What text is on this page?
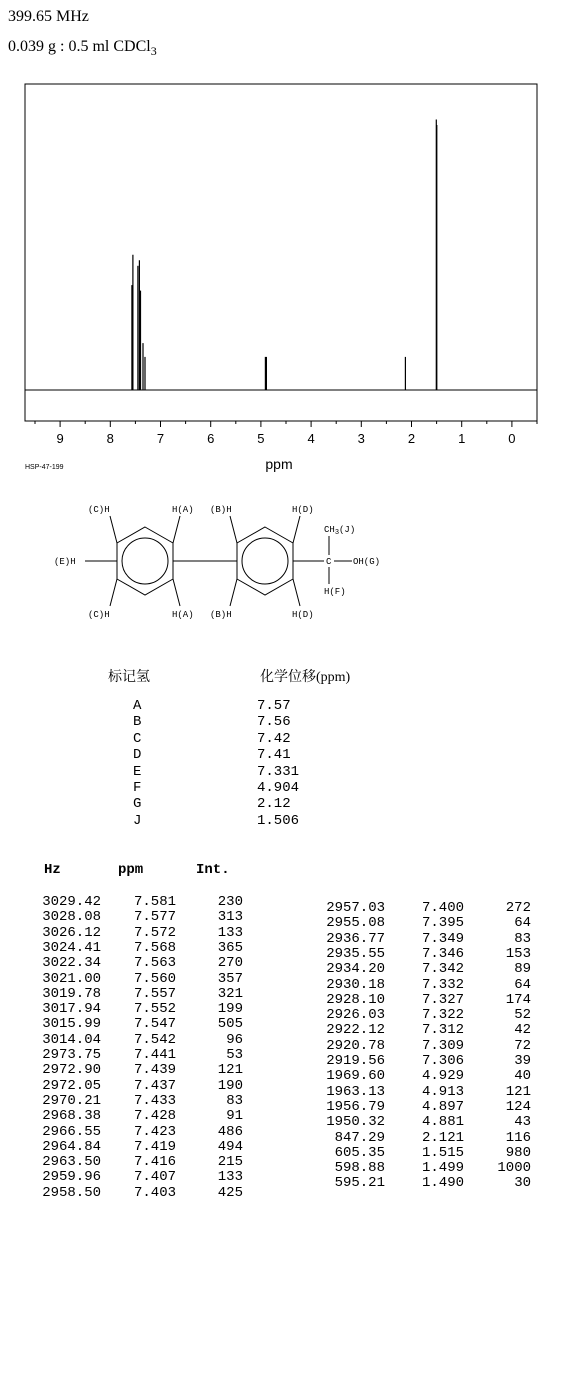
399.65 MHz
0.039 g : 0.5 ml CDCl$_3$
9	8	7	6	5	4	3	2	1	0
ppm
HSP-47-199
(C)H	H(A) (B)H	H(D)
(E)H
(C)H	H(A) (B)H	H(D)
$CH_3(J)$
C OH(G)
H(F)
标记氢	化学位移(ppm)
A	7.57
B	7.56
C	7.42
D	7.41
E	7.331
F	4.904
G	2.12
J	1.506
Hz	ppm	Int.
3029.42	7.581	230
3028.08	7.577	313
3026.12	7.572	133
3024.41	7.568	365
3022.34	7.563	270
3021.00	7.560	357
3019.78	7.557	321
3017.94	7.552	199
3015.99	7.547	505
3014.04	7.542	96
2973.75	7.441	53
2972.90	7.439	121
2972.05	7.437	190
2970.21	7.433	83
2968.38	7.428	91
2966.55	7.423	486
2964.84	7.419	494
2963.50	7.416	215
2959.96	7.407	133
2958.50	7.403	425
2957.03	7.400	272
2955.08	7.395	64
2936.77	7.349	83
2935.55	7.346	153
2934.20	7.342	89
2930.18	7.332	64
2928.10	7.327	174
2926.03	7.322	52
2922.12	7.312	42
2920.78	7.309	72
2919.56	7.306	39
1969.60	4.929	40
1963.13	4.913	121
1956.79	4.897	124
1950.32	4.881	43
847.29	2.121	116
605.35	1.515	980
598.88	1.499	1000
595.21	1.490	30
